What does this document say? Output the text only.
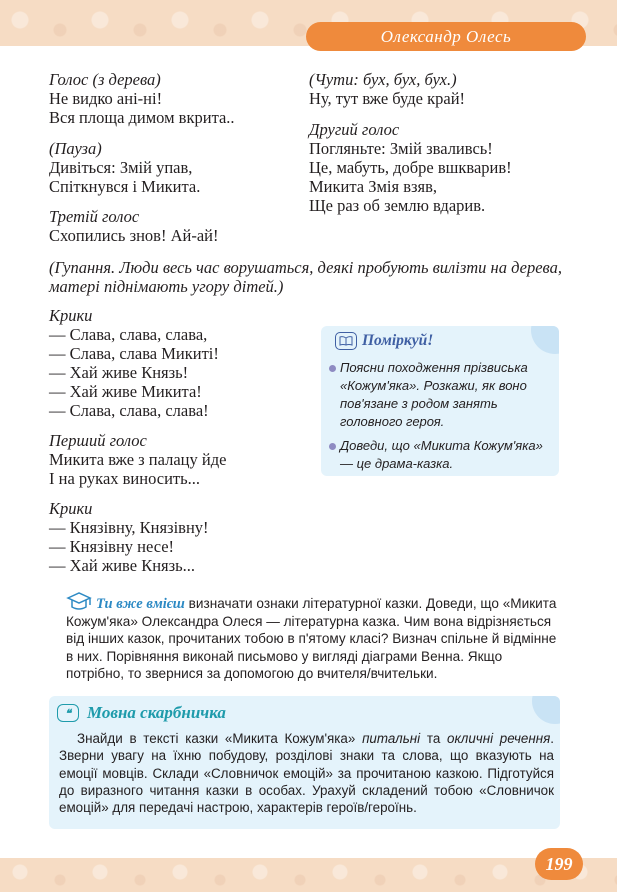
Олександр Олесь

Голос (з дерева)

Не видко ані-ні!

Вся площа димом вкрита..

(Пауза)

Дивіться: Змій упав,

Спіткнувся і Микита.

Третій голос

Схопились знов! Ай-ай!

(Чути: бух, бух, бух.)

Ну, тут вже буде край!

Другий голос

Погляньте: Змій зваливсь!

Це, мабуть, добре вшкварив!

Микита Змія взяв,

Ще раз об землю вдарив.

(Гупання. Люди весь час ворушаться, деякі пробують вилізти на дерева, матері піднімають угору дітей.)

Крики

— Слава, слава, слава,

— Слава, слава Микиті!

— Хай живе Князь!

— Хай живе Микита!

— Слава, слава, слава!

Перший голос

Микита вже з палацу йде

І на руках виносить...

Крики

— Князівну, Князівну!

— Князівну несе!

— Хай живе Князь...

Поміркуй!
Поясни походження прізвиська «Кожум'яка». Розкажи, як воно пов'язане з родом занять головного героя.
Доведи, що «Микита Кожум'яка» — це драма-казка.
Ти вже вмієш визначати ознаки літературної казки. Доведи, що «Микита Кожум'яка» Олександра Олеся — літературна казка. Чим вона відрізняється від інших казок, прочитаних тобою в п'ятому класі? Визнач спільне й відмінне в них. Порівняння виконай письмово у вигляді діаграми Венна. Якщо потрібно, то звернися за допомогою до вчителя/вчительки.
❝ Мовна скарбничка
Знайди в тексті казки «Микита Кожум'яка» питальні та окличні речення. Зверни увагу на їхню побудову, розділові знаки та слова, що вказують на емоції мовців. Склади «Словничок емоцій» за прочитаною казкою. Підготуйся до виразного читання казки в особах. Урахуй складений тобою «Словничок емоцій» для передачі настрою, характерів героїв/героїнь.
199
